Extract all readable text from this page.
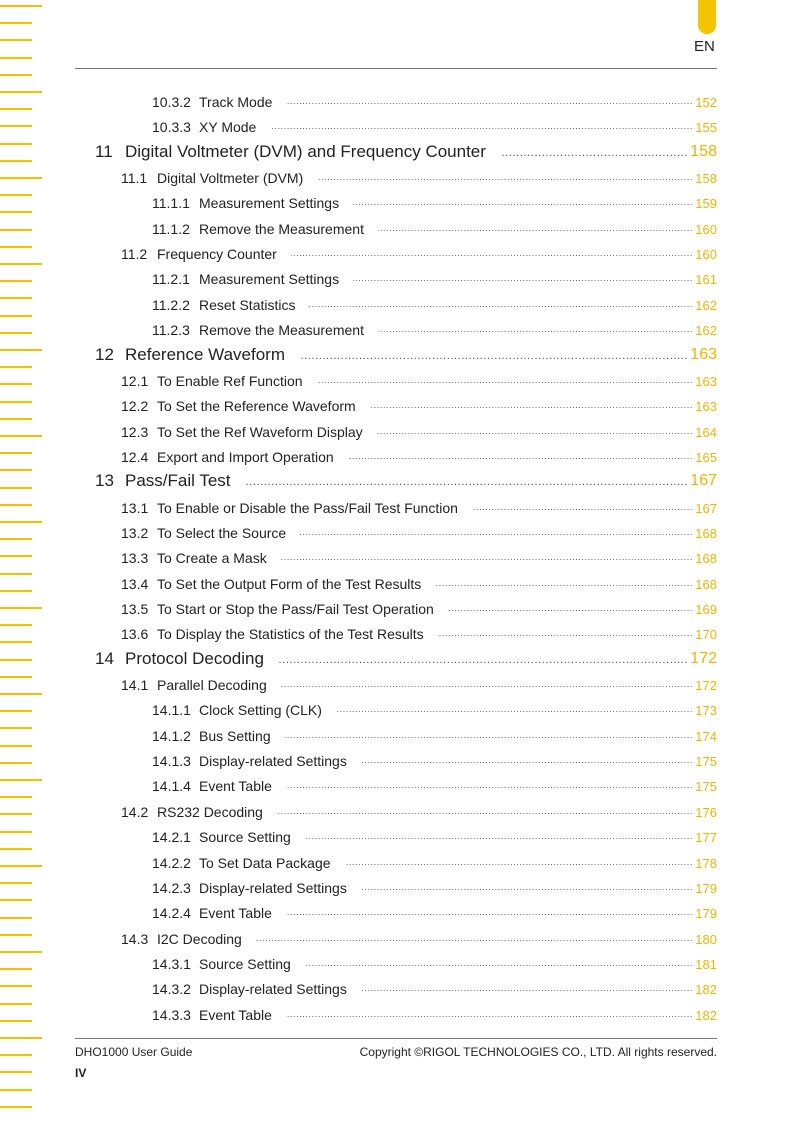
EN
10.3.2 Track Mode .....	152
10.3.3 XY Mode .....	155
11 Digital Voltmeter (DVM) and Frequency Counter .....	158
11.1 Digital Voltmeter (DVM) .....	158
11.1.1 Measurement Settings .....	159
11.1.2 Remove the Measurement .....	160
11.2 Frequency Counter .....	160
11.2.1 Measurement Settings .....	161
11.2.2 Reset Statistics .....	162
11.2.3 Remove the Measurement .....	162
12 Reference Waveform .....	163
12.1 To Enable Ref Function .....	163
12.2 To Set the Reference Waveform .....	163
12.3 To Set the Ref Waveform Display .....	164
12.4 Export and Import Operation .....	165
13 Pass/Fail Test .....	167
13.1 To Enable or Disable the Pass/Fail Test Function .....	167
13.2 To Select the Source .....	168
13.3 To Create a Mask .....	168
13.4 To Set the Output Form of the Test Results .....	168
13.5 To Start or Stop the Pass/Fail Test Operation .....	169
13.6 To Display the Statistics of the Test Results .....	170
14 Protocol Decoding .....	172
14.1 Parallel Decoding .....	172
14.1.1 Clock Setting (CLK) .....	173
14.1.2 Bus Setting .....	174
14.1.3 Display-related Settings .....	175
14.1.4 Event Table .....	175
14.2 RS232 Decoding .....	176
14.2.1 Source Setting .....	177
14.2.2 To Set Data Package .....	178
14.2.3 Display-related Settings .....	179
14.2.4 Event Table .....	179
14.3 I2C Decoding .....	180
14.3.1 Source Setting .....	181
14.3.2 Display-related Settings .....	182
14.3.3 Event Table .....	182
DHO1000 User Guide	Copyright ©RIGOL TECHNOLOGIES CO., LTD. All rights reserved.
IV
